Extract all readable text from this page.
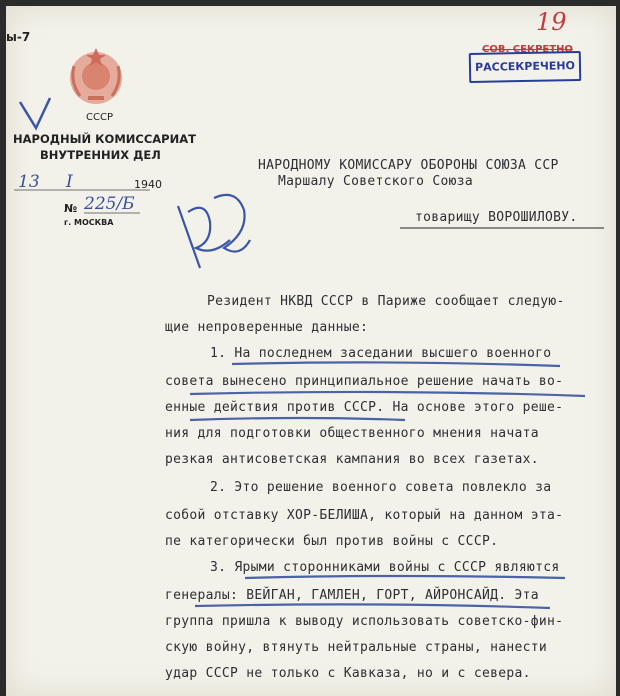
ы-7
19
СОВ. СЕКРЕТНО
РАССЕКРЕЧЕНО
СССР
НАРОДНЫЙ КОМИССАРИАТ
ВНУТРЕННИХ ДЕЛ
13 I	1940
№ 225/Б
г. МОСКВА
НАРОДНОМУ КОМИССАРУ ОБОРОНЫ СОЮЗА ССР
Маршалу Советского Союза
товарищу ВОРОШИЛОВУ.
Резидент НКВД СССР в Париже сообщает следую-
щие непроверенные данные:
1. На последнем заседании высшего военного
совета вынесено принципиальное решение начать во-
енные действия против СССР. На основе этого реше-
ния для подготовки общественного мнения начата
резкая антисоветская кампания во всех газетах.
2. Это решение военного совета повлекло за
собой отставку ХОР-БЕЛИША, который на данном эта-
пе категорически был против войны с СССР.
3. Ярыми сторонниками войны с СССР являются
генералы: ВЕЙГАН, ГАМЛЕН, ГОРТ, АЙРОНСАЙД. Эта
группа пришла к выводу использовать советско-фин-
скую войну, втянуть нейтральные страны, нанести
удар СССР не только с Кавказа, но и с севера.
